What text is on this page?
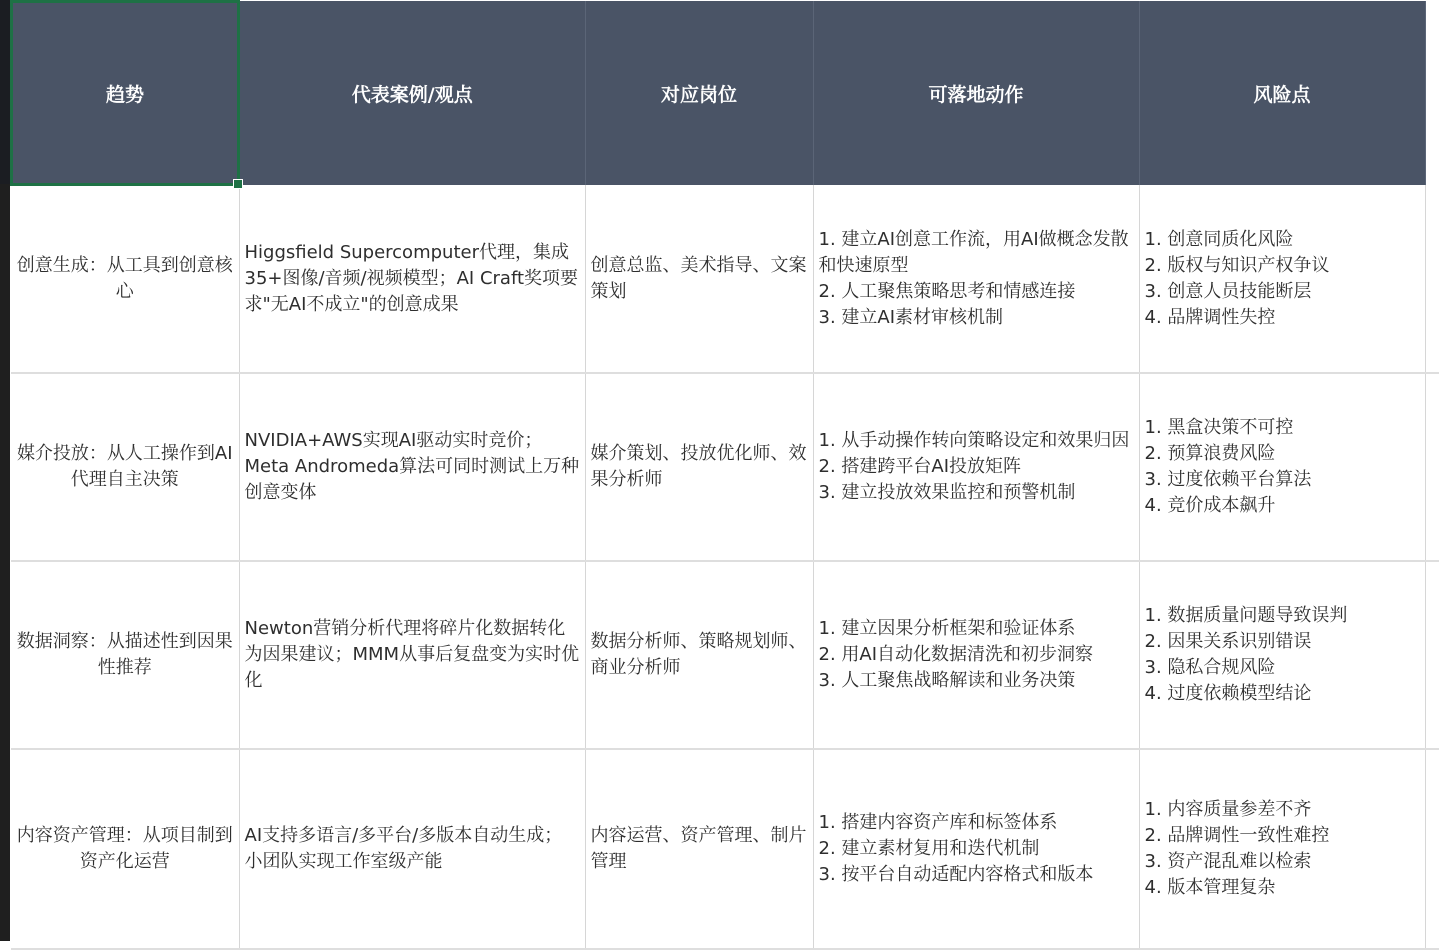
趋势	代表案例/观点	对应岗位	可落地动作	风险点	
创意生成：从工具到创意核心	Higgsfield Supercomputer代理，集成35+图像/音频/视频模型；AI Craft奖项要求"无AI不成立"的创意成果	创意总监、美术指导、文案策划	1. 建立AI创意工作流，用AI做概念发散和快速原型
2. 人工聚焦策略思考和情感连接
3. 建立AI素材审核机制	1. 创意同质化风险
2. 版权与知识产权争议
3. 创意人员技能断层
4. 品牌调性失控	

媒介投放：从人工操作到AI代理自主决策	NVIDIA+AWS实现AI驱动实时竞价；Meta Andromeda算法可同时测试上万种创意变体	媒介策划、投放优化师、效果分析师	1. 从手动操作转向策略设定和效果归因
2. 搭建跨平台AI投放矩阵
3. 建立投放效果监控和预警机制	1. 黑盒决策不可控
2. 预算浪费风险
3. 过度依赖平台算法
4. 竞价成本飙升	

数据洞察：从描述性到因果性推荐	Newton营销分析代理将碎片化数据转化为因果建议；MMM从事后复盘变为实时优化	数据分析师、策略规划师、商业分析师	1. 建立因果分析框架和验证体系
2. 用AI自动化数据清洗和初步洞察
3. 人工聚焦战略解读和业务决策	1. 数据质量问题导致误判
2. 因果关系识别错误
3. 隐私合规风险
4. 过度依赖模型结论	

内容资产管理：从项目制到资产化运营	AI支持多语言/多平台/多版本自动生成；小团队实现工作室级产能	内容运营、资产管理、制片管理	1. 搭建内容资产库和标签体系
2. 建立素材复用和迭代机制
3. 按平台自动适配内容格式和版本	1. 内容质量参差不齐
2. 品牌调性一致性难控
3. 资产混乱难以检索
4. 版本管理复杂	
